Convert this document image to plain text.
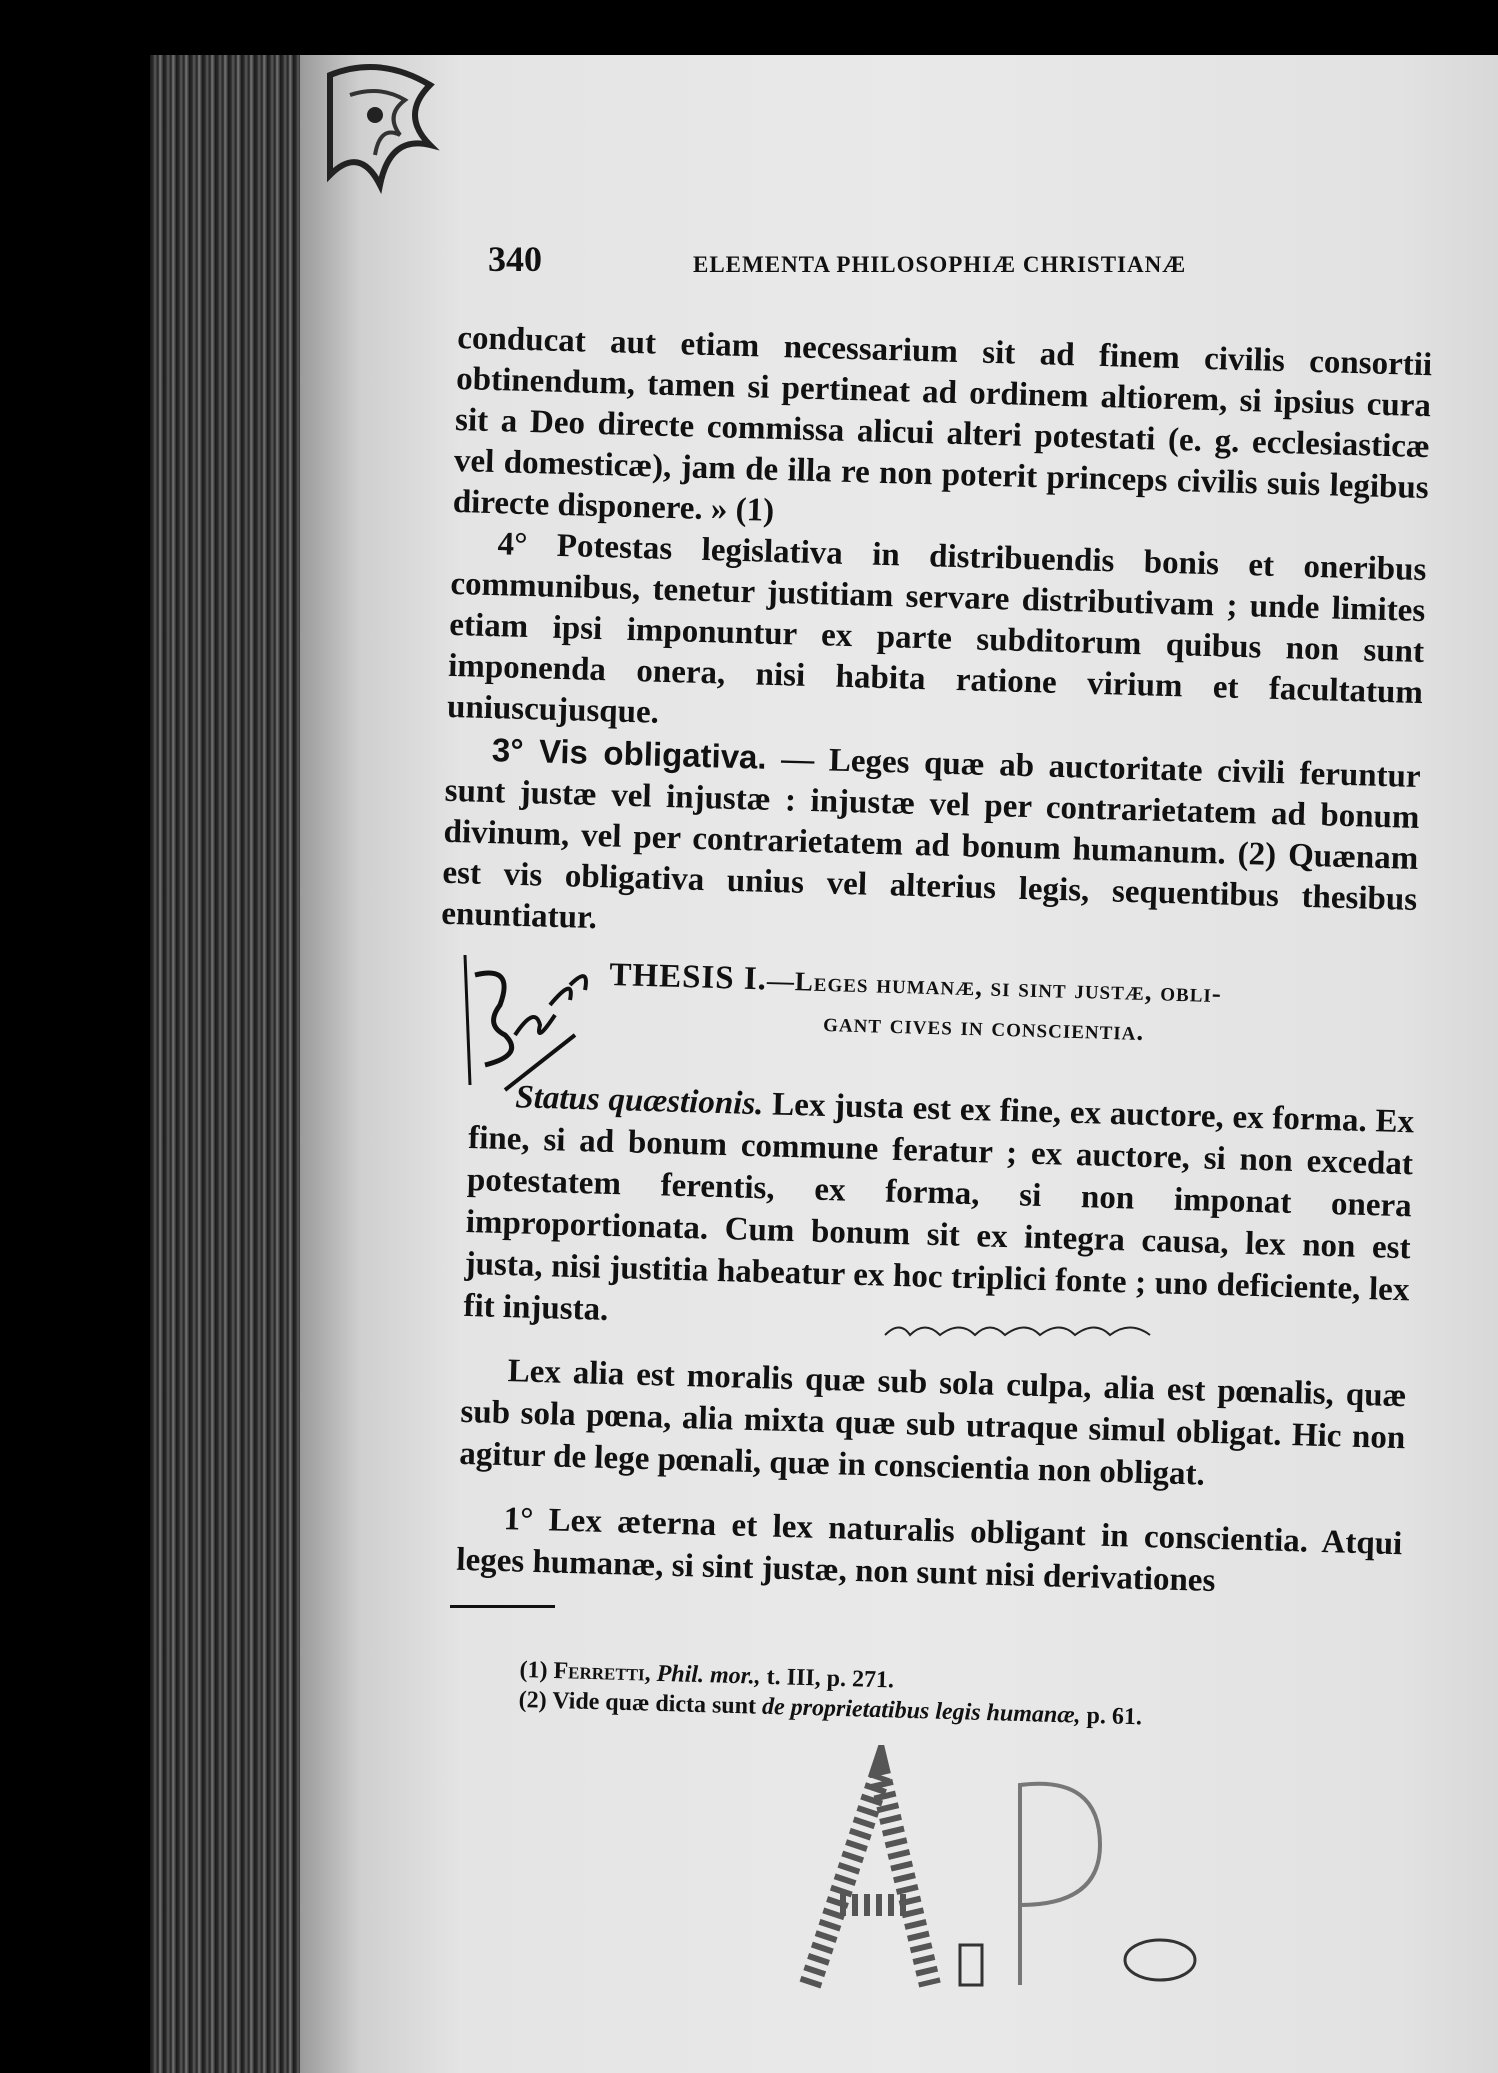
340	ELEMENTA PHILOSOPHIÆ CHRISTIANÆ

conducat aut etiam necessarium sit ad finem civilis consortii obtinendum, tamen si pertineat ad ordinem altiorem, si ipsius cura sit a Deo directe commissa alicui alteri potestati (e. g. ecclesiasticæ vel domesticæ), jam de illa re non poterit princeps civilis suis legibus directe disponere. » (1)

4° Potestas legislativa in distribuendis bonis et oneribus communibus, tenetur justitiam servare distributivam ; unde limites etiam ipsi imponuntur ex parte subditorum quibus non sunt imponenda onera, nisi habita ratione virium et facultatum uniuscujusque.

3° Vis obligativa. — Leges quæ ab auctoritate civili feruntur sunt justæ vel injustæ : injustæ vel per contrarietatem ad bonum divinum, vel per contrarietatem ad bonum humanum. (2) Quænam est vis obligativa unius vel alterius legis, sequentibus thesibus enuntiatur.

THESIS I.—Leges humanæ, si sint justæ, obli-
gant cives in conscientia.

Status quæstionis. Lex justa est ex fine, ex auctore, ex forma. Ex fine, si ad bonum commune feratur ; ex auctore, si non excedat potestatem ferentis, ex forma, si non imponat onera improportionata. Cum bonum sit ex integra causa, lex non est justa, nisi justitia habeatur ex hoc triplici fonte ; uno deficiente, lex fit injusta.

Lex alia est moralis quæ sub sola culpa, alia est pœnalis, quæ sub sola pœna, alia mixta quæ sub utraque simul obligat. Hic non agitur de lege pœnali, quæ in conscientia non obligat.

1° Lex æterna et lex naturalis obligant in conscientia. Atqui leges humanæ, si sint justæ, non sunt nisi derivationes

(1) Ferretti, Phil. mor., t. III, p. 271.
(2) Vide quæ dicta sunt de proprietatibus legis humanæ, p. 61.
